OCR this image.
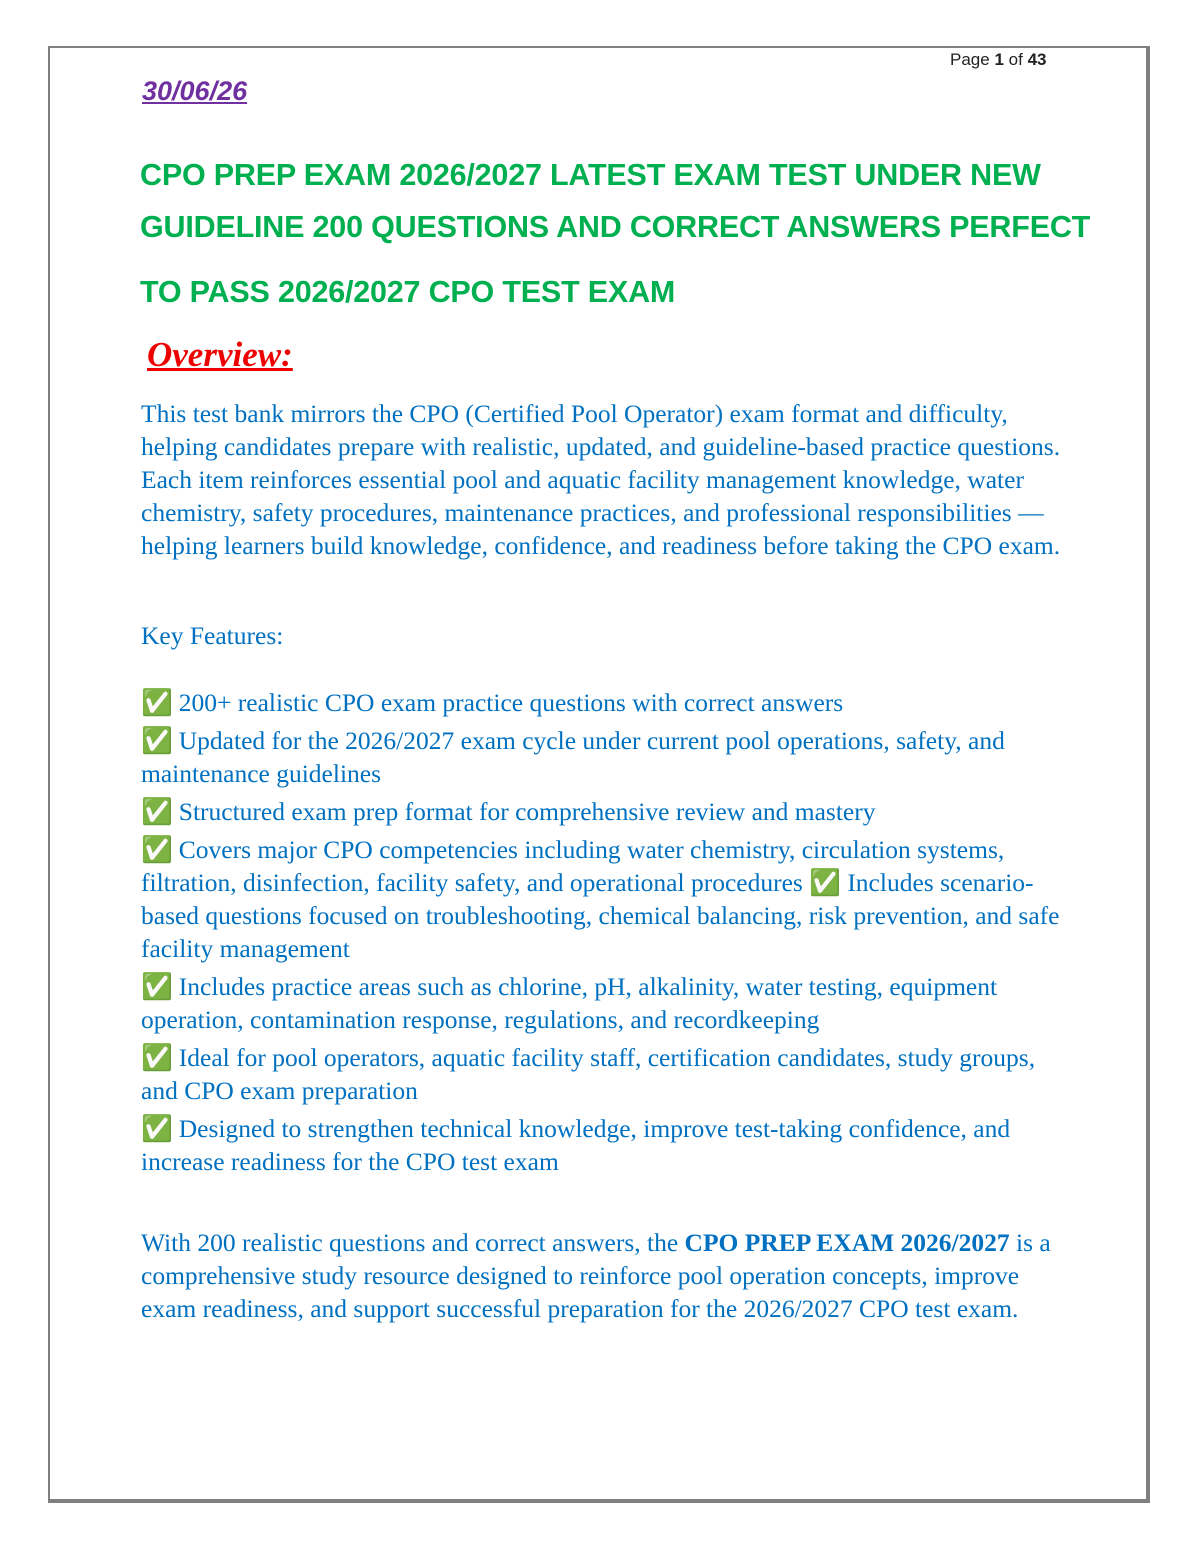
Page 1 of 43
30/06/26
CPO PREP EXAM 2026/2027 LATEST EXAM TEST UNDER NEW
GUIDELINE 200 QUESTIONS AND CORRECT ANSWERS PERFECT
TO PASS 2026/2027 CPO TEST EXAM
Overview:
This test bank mirrors the CPO (Certified Pool Operator) exam format and difficulty, helping candidates prepare with realistic, updated, and guideline-based practice questions. Each item reinforces essential pool and aquatic facility management knowledge, water chemistry, safety procedures, maintenance practices, and professional responsibilities — helping learners build knowledge, confidence, and readiness before taking the CPO exam.
Key Features:
✅ 200+ realistic CPO exam practice questions with correct answers
✅ Updated for the 2026/2027 exam cycle under current pool operations, safety, and maintenance guidelines
✅ Structured exam prep format for comprehensive review and mastery
✅ Covers major CPO competencies including water chemistry, circulation systems, filtration, disinfection, facility safety, and operational procedures ✅ Includes scenario-based questions focused on troubleshooting, chemical balancing, risk prevention, and safe facility management
✅ Includes practice areas such as chlorine, pH, alkalinity, water testing, equipment operation, contamination response, regulations, and recordkeeping
✅ Ideal for pool operators, aquatic facility staff, certification candidates, study groups, and CPO exam preparation
✅ Designed to strengthen technical knowledge, improve test-taking confidence, and increase readiness for the CPO test exam
With 200 realistic questions and correct answers, the CPO PREP EXAM 2026/2027 is a comprehensive study resource designed to reinforce pool operation concepts, improve exam readiness, and support successful preparation for the 2026/2027 CPO test exam.
